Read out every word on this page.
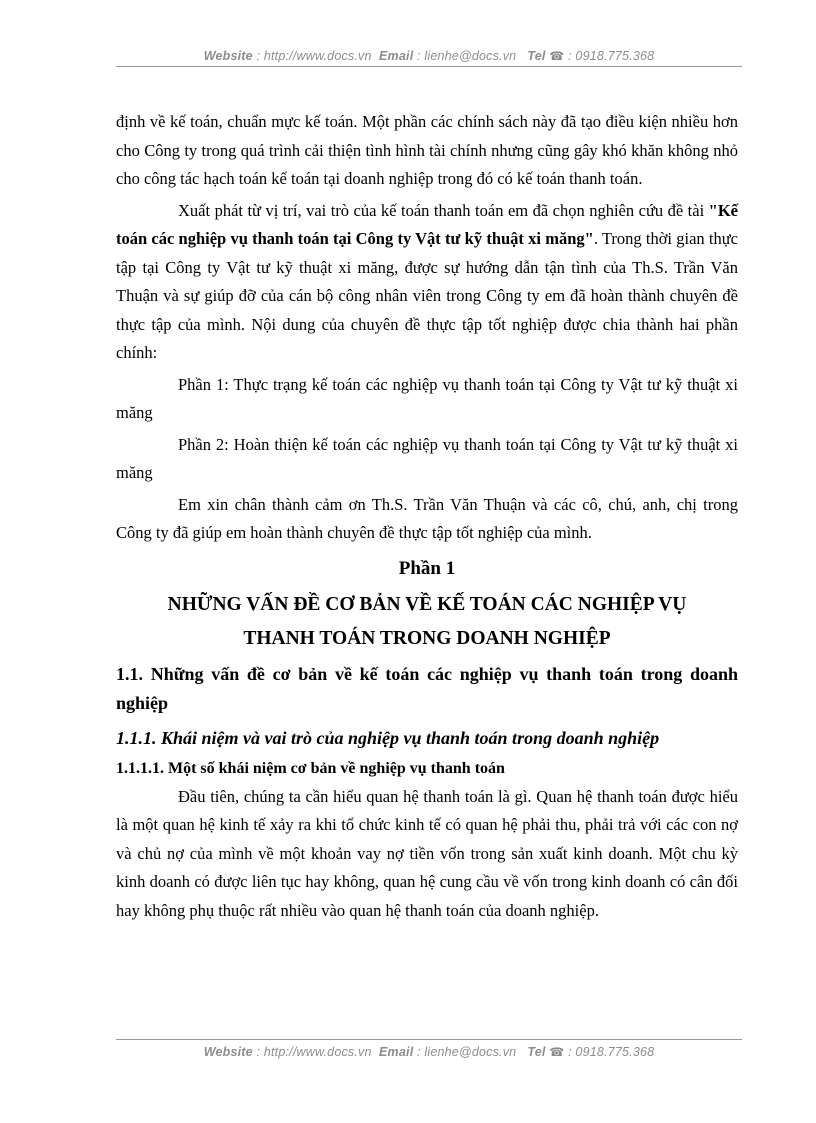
Website : http://www.docs.vn Email : lienhe@docs.vn Tel ☎ : 0918.775.368

định về kế toán, chuẩn mực kế toán. Một phần các chính sách này đã tạo điều kiện nhiều hơn cho Công ty trong quá trình cải thiện tình hình tài chính nhưng cũng gây khó khăn không nhỏ cho công tác hạch toán kế toán tại doanh nghiệp trong đó có kế toán thanh toán.

Xuất phát từ vị trí, vai trò của kế toán thanh toán em đã chọn nghiên cứu đề tài "Kế toán các nghiệp vụ thanh toán tại Công ty Vật tư kỹ thuật xi măng". Trong thời gian thực tập tại Công ty Vật tư kỹ thuật xi măng, được sự hướng dẫn tận tình của Th.S. Trần Văn Thuận và sự giúp đỡ của cán bộ công nhân viên trong Công ty em đã hoàn thành chuyên đề thực tập của mình. Nội dung của chuyên đề thực tập tốt nghiệp được chia thành hai phần chính:

Phần 1: Thực trạng kế toán các nghiệp vụ thanh toán tại Công ty Vật tư kỹ thuật xi măng

Phần 2: Hoàn thiện kế toán các nghiệp vụ thanh toán tại Công ty Vật tư kỹ thuật xi măng

Em xin chân thành cảm ơn Th.S. Trần Văn Thuận và các cô, chú, anh, chị trong Công ty đã giúp em hoàn thành chuyên đề thực tập tốt nghiệp của mình.

Phần 1
NHỮNG VẤN ĐỀ CƠ BẢN VỀ KẾ TOÁN CÁC NGHIỆP VỤ
THANH TOÁN TRONG DOANH NGHIỆP
1.1. Những vấn đề cơ bản về kế toán các nghiệp vụ thanh toán trong doanh nghiệp
1.1.1. Khái niệm và vai trò của nghiệp vụ thanh toán trong doanh nghiệp
1.1.1.1. Một số khái niệm cơ bản về nghiệp vụ thanh toán

Đầu tiên, chúng ta cần hiểu quan hệ thanh toán là gì. Quan hệ thanh toán được hiểu là một quan hệ kinh tế xảy ra khi tổ chức kinh tế có quan hệ phải thu, phải trả với các con nợ và chủ nợ của mình về một khoản vay nợ tiền vốn trong sản xuất kinh doanh. Một chu kỳ kinh doanh có được liên tục hay không, quan hệ cung cầu về vốn trong kinh doanh có cân đối hay không phụ thuộc rất nhiều vào quan hệ thanh toán của doanh nghiệp.

Website : http://www.docs.vn Email : lienhe@docs.vn Tel ☎ : 0918.775.368
